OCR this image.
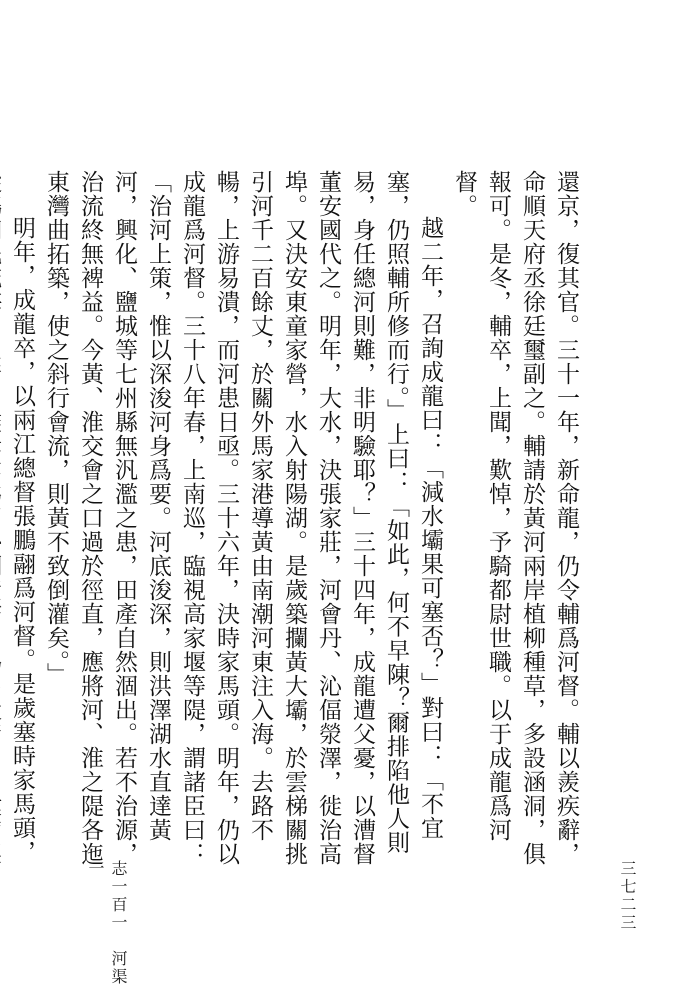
還京，復其官。三十一年，新命龍，仍令輔爲河督。輔以羨疾辭，命順天府丞徐廷璽副之。輔請於黃河兩岸植柳種草，多設涵洞，俱報可。是冬，輔卒，上聞，歎悼，予騎都尉世職。以于成龍爲河督。

越二年，召詢成龍曰：「減水壩果可塞否？」對曰：「不宜塞，仍照輔所修而行。」上曰：「如此，何不早陳？爾排陷他人則易，身任總河則難，非明驗耶？」三十四年，成龍遭父憂，以漕督董安國代之。明年，大水，決張家莊，河會丹、沁偪滎澤，徙治高埠。又決安東童家營，水入射陽湖。是歲築攔黃大壩，於雲梯關挑引河千二百餘丈，於關外馬家港導黃由南潮河東注入海。去路不暢，上游易潰，而河患日亟。三十六年，決時家馬頭。明年，仍以成龍爲河督。三十八年春，上南巡，臨視高家堰等隄，謂諸臣曰：「治河上策，惟以深浚河身爲要。河底浚深，則洪澤湖水直達黃河，興化、鹽城等七州縣無汎濫之患，田產自然涸出。若不治源，治流終無裨益。今黃、淮交會之口過於徑直，應將河、淮之隄各迤東灣曲拓築，使之斜行會流，則黃不致倒灌矣。」

明年，成龍卒，以兩江總督張鵬翮爲河督。是歲塞時家馬頭，

志一百一　河渠一	三七二三
